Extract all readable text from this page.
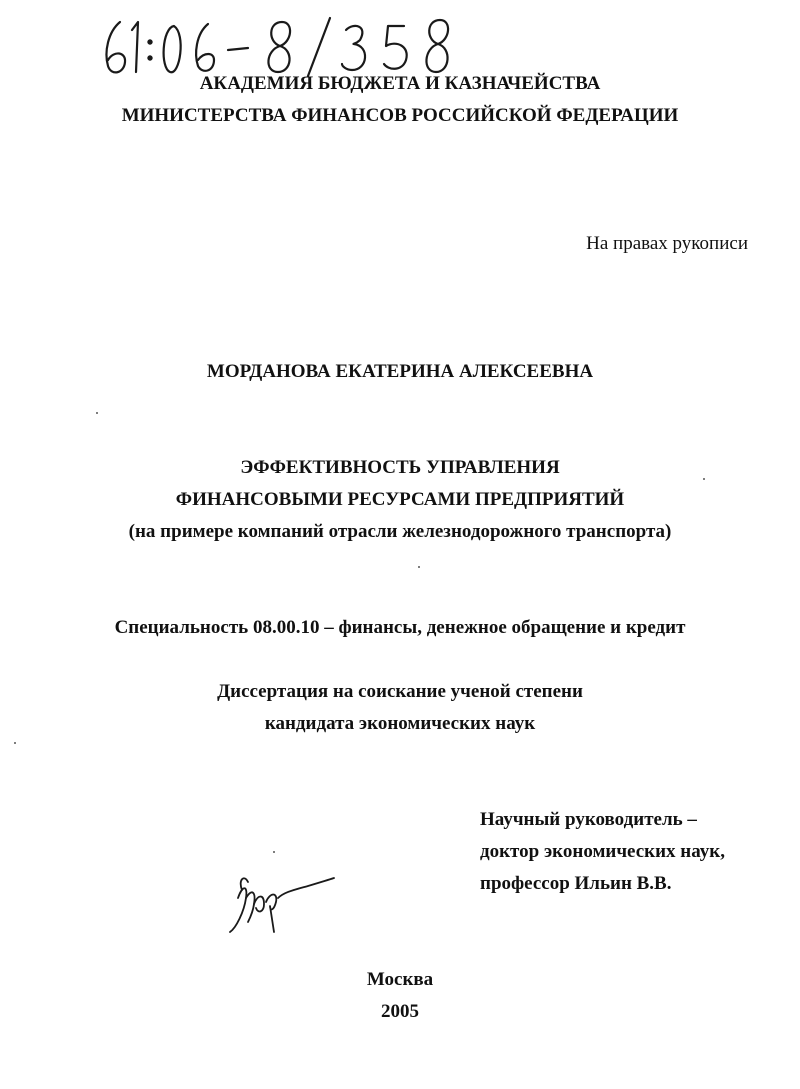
АКАДЕМИЯ БЮДЖЕТА И КАЗНАЧЕЙСТВА
МИНИСТЕРСТВА ФИНАНСОВ РОССИЙСКОЙ ФЕДЕРАЦИИ
На правах рукописи
МОРДАНОВА ЕКАТЕРИНА АЛЕКСЕЕВНА
ЭФФЕКТИВНОСТЬ УПРАВЛЕНИЯ
ФИНАНСОВЫМИ РЕСУРСАМИ ПРЕДПРИЯТИЙ
(на примере компаний отрасли железнодорожного транспорта)
Специальность 08.00.10 – финансы, денежное обращение и кредит
Диссертация на соискание ученой степени
кандидата экономических наук
Научный руководитель –
доктор экономических наук,
профессор Ильин В.В.
Москва
2005
